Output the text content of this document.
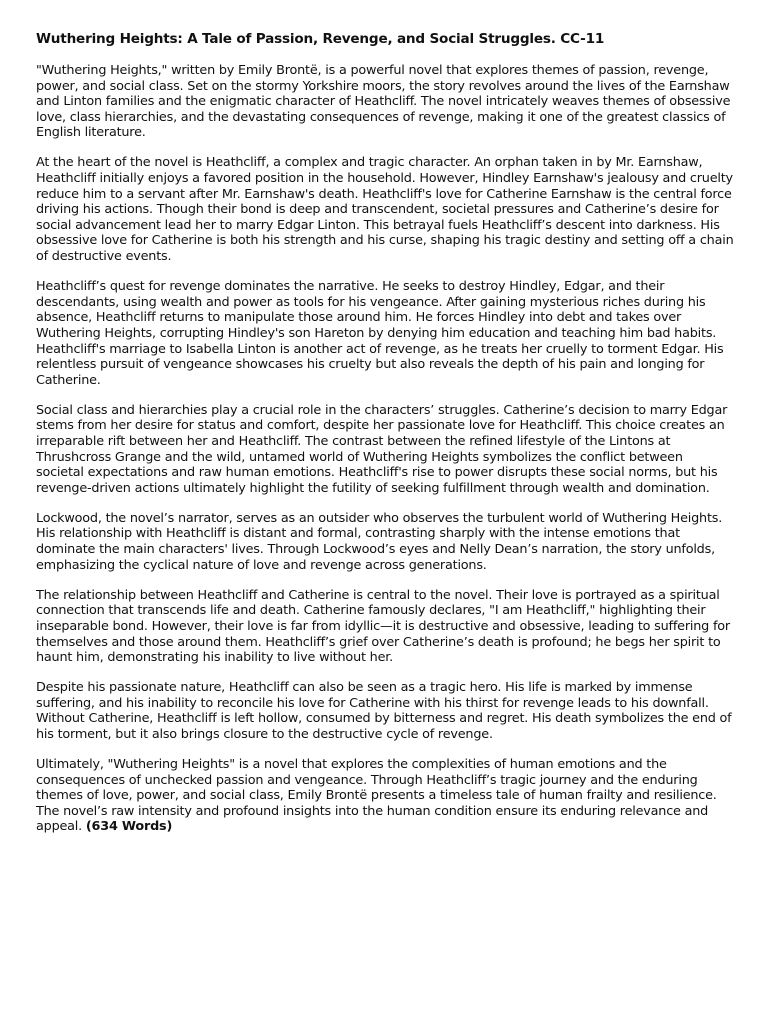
Wuthering Heights: A Tale of Passion, Revenge, and Social Struggles. CC-11

"Wuthering Heights," written by Emily Brontë, is a powerful novel that explores themes of passion, revenge, power, and social class. Set on the stormy Yorkshire moors, the story revolves around the lives of the Earnshaw and Linton families and the enigmatic character of Heathcliff. The novel intricately weaves themes of obsessive love, class hierarchies, and the devastating consequences of revenge, making it one of the greatest classics of English literature.

At the heart of the novel is Heathcliff, a complex and tragic character. An orphan taken in by Mr. Earnshaw, Heathcliff initially enjoys a favored position in the household. However, Hindley Earnshaw's jealousy and cruelty reduce him to a servant after Mr. Earnshaw's death. Heathcliff's love for Catherine Earnshaw is the central force driving his actions. Though their bond is deep and transcendent, societal pressures and Catherine’s desire for social advancement lead her to marry Edgar Linton. This betrayal fuels Heathcliff’s descent into darkness. His obsessive love for Catherine is both his strength and his curse, shaping his tragic destiny and setting off a chain of destructive events.

Heathcliff’s quest for revenge dominates the narrative. He seeks to destroy Hindley, Edgar, and their descendants, using wealth and power as tools for his vengeance. After gaining mysterious riches during his absence, Heathcliff returns to manipulate those around him. He forces Hindley into debt and takes over Wuthering Heights, corrupting Hindley's son Hareton by denying him education and teaching him bad habits. Heathcliff's marriage to Isabella Linton is another act of revenge, as he treats her cruelly to torment Edgar. His relentless pursuit of vengeance showcases his cruelty but also reveals the depth of his pain and longing for Catherine.

Social class and hierarchies play a crucial role in the characters’ struggles. Catherine’s decision to marry Edgar stems from her desire for status and comfort, despite her passionate love for Heathcliff. This choice creates an irreparable rift between her and Heathcliff. The contrast between the refined lifestyle of the Lintons at Thrushcross Grange and the wild, untamed world of Wuthering Heights symbolizes the conflict between societal expectations and raw human emotions. Heathcliff's rise to power disrupts these social norms, but his revenge-driven actions ultimately highlight the futility of seeking fulfillment through wealth and domination.

Lockwood, the novel’s narrator, serves as an outsider who observes the turbulent world of Wuthering Heights. His relationship with Heathcliff is distant and formal, contrasting sharply with the intense emotions that dominate the main characters' lives. Through Lockwood’s eyes and Nelly Dean’s narration, the story unfolds, emphasizing the cyclical nature of love and revenge across generations.

The relationship between Heathcliff and Catherine is central to the novel. Their love is portrayed as a spiritual connection that transcends life and death. Catherine famously declares, "I am Heathcliff," highlighting their inseparable bond. However, their love is far from idyllic—it is destructive and obsessive, leading to suffering for themselves and those around them. Heathcliff’s grief over Catherine’s death is profound; he begs her spirit to haunt him, demonstrating his inability to live without her.

Despite his passionate nature, Heathcliff can also be seen as a tragic hero. His life is marked by immense suffering, and his inability to reconcile his love for Catherine with his thirst for revenge leads to his downfall. Without Catherine, Heathcliff is left hollow, consumed by bitterness and regret. His death symbolizes the end of his torment, but it also brings closure to the destructive cycle of revenge.

Ultimately, "Wuthering Heights" is a novel that explores the complexities of human emotions and the consequences of unchecked passion and vengeance. Through Heathcliff’s tragic journey and the enduring themes of love, power, and social class, Emily Brontë presents a timeless tale of human frailty and resilience. The novel’s raw intensity and profound insights into the human condition ensure its enduring relevance and appeal. (634 Words)
